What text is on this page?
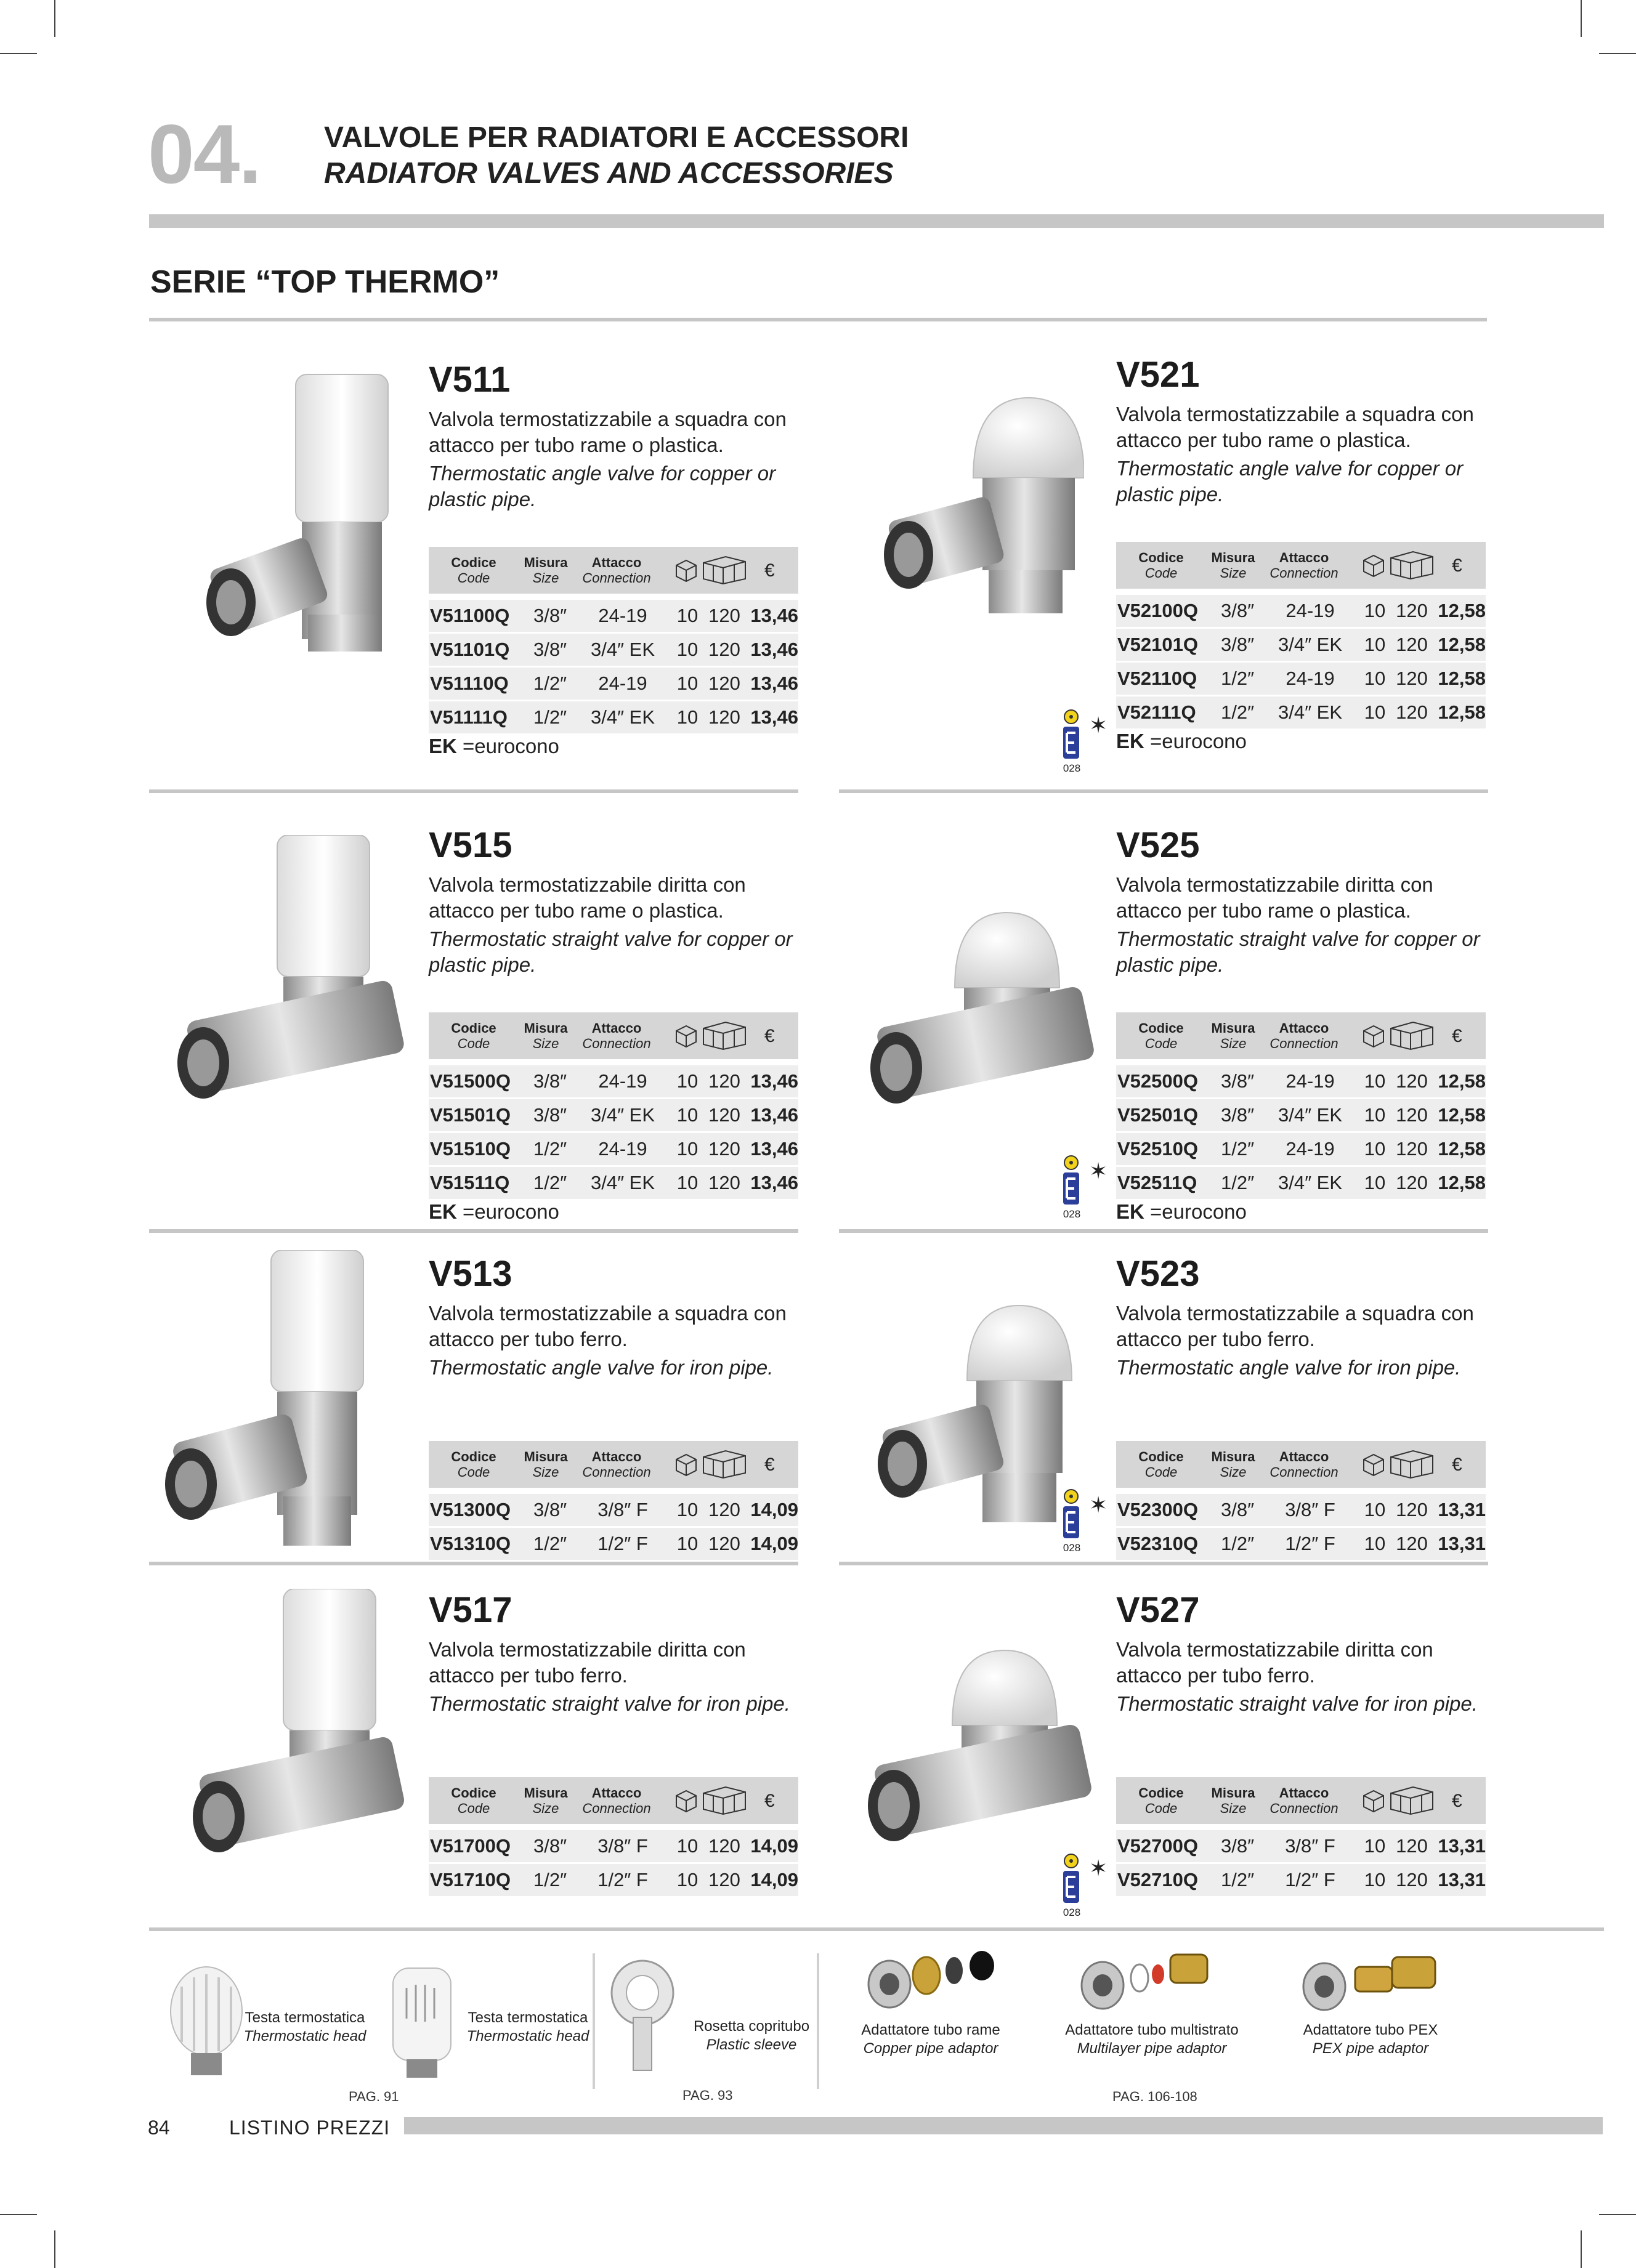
04. VALVOLE PER RADIATORI E ACCESSORI
RADIATOR VALVES AND ACCESSORIES
SERIE “TOP THERMO”
V511
Valvola termostatizzabile a squadra con attacco per tubo rame o plastica.
Thermostatic angle valve for copper or plastic pipe.
Codice
Code
Misura
Size
Attacco
Connection	€
V51100Q 3/8″	24-19	10 120 13,46
V51101Q 3/8″	3/4″ EK	10 120 13,46
V51110Q 1/2″	24-19	10 120 13,46
V51111Q 1/2″	3/4″ EK	10 120 13,46
EK =eurocono
V521
Valvola termostatizzabile a squadra con attacco per tubo rame o plastica.
Thermostatic angle valve for copper or plastic pipe.
Codice
Code
Misura
Size
Attacco
Connection	€
V52100Q 3/8″	24-19	10 120 12,58
V52101Q 3/8″	3/4″ EK	10 120 12,58
V52110Q 1/2″	24-19	10 120 12,58
V52111Q 1/2″	3/4″ EK	10 120 12,58
EK =eurocono
V515
Valvola termostatizzabile diritta con attacco per tubo rame o plastica.
Thermostatic straight valve for copper or plastic pipe.
Codice
Code
Misura
Size
Attacco
Connection	€
V51500Q 3/8″	24-19	10 120 13,46
V51501Q 3/8″	3/4″ EK	10 120 13,46
V51510Q 1/2″	24-19	10 120 13,46
V51511Q 1/2″	3/4″ EK	10 120 13,46
EK =eurocono
V525
Valvola termostatizzabile diritta con attacco per tubo rame o plastica.
Thermostatic straight valve for copper or plastic pipe.
Codice
Code
Misura
Size
Attacco
Connection	€
V52500Q 3/8″	24-19	10 120 12,58
V52501Q 3/8″	3/4″ EK	10 120 12,58
V52510Q 1/2″	24-19	10 120 12,58
V52511Q 1/2″	3/4″ EK	10 120 12,58
EK =eurocono
V513
Valvola termostatizzabile a squadra con attacco per tubo ferro.
Thermostatic angle valve for iron pipe.
Codice
Code
Misura
Size
Attacco
Connection	€
V51300Q 3/8″	3/8″ F	10 120 14,09
V51310Q 1/2″	1/2″ F	10 120 14,09
V523
Valvola termostatizzabile a squadra con attacco per tubo ferro.
Thermostatic angle valve for iron pipe.
Codice
Code
Misura
Size
Attacco
Connection	€
V52300Q 3/8″	3/8″ F	10 120 13,31
V52310Q 1/2″	1/2″ F	10 120 13,31
V517
Valvola termostatizzabile diritta con attacco per tubo ferro.
Thermostatic straight valve for iron pipe.
Codice
Code
Misura
Size
Attacco
Connection	€
V51700Q 3/8″	3/8″ F	10 120 14,09
V51710Q 1/2″	1/2″ F	10 120 14,09
V527
Valvola termostatizzabile diritta con attacco per tubo ferro.
Thermostatic straight valve for iron pipe.
Codice
Code
Misura
Size
Attacco
Connection	€
V52700Q 3/8″	3/8″ F	10 120 13,31
V52710Q 1/2″	1/2″ F	10 120 13,31
028
✶
028
✶
028
✶
028
✶
Testa termostatica
Thermostatic head
Testa termostatica
Thermostatic head
Rosetta copritubo
Plastic sleeve
Adattatore tubo rame
Copper pipe adaptor
Adattatore tubo multistrato
Multilayer pipe adaptor
Adattatore tubo PEX
PEX pipe adaptor
PAG. 91	PAG. 93	PAG. 106-108
84	LISTINO PREZZI
